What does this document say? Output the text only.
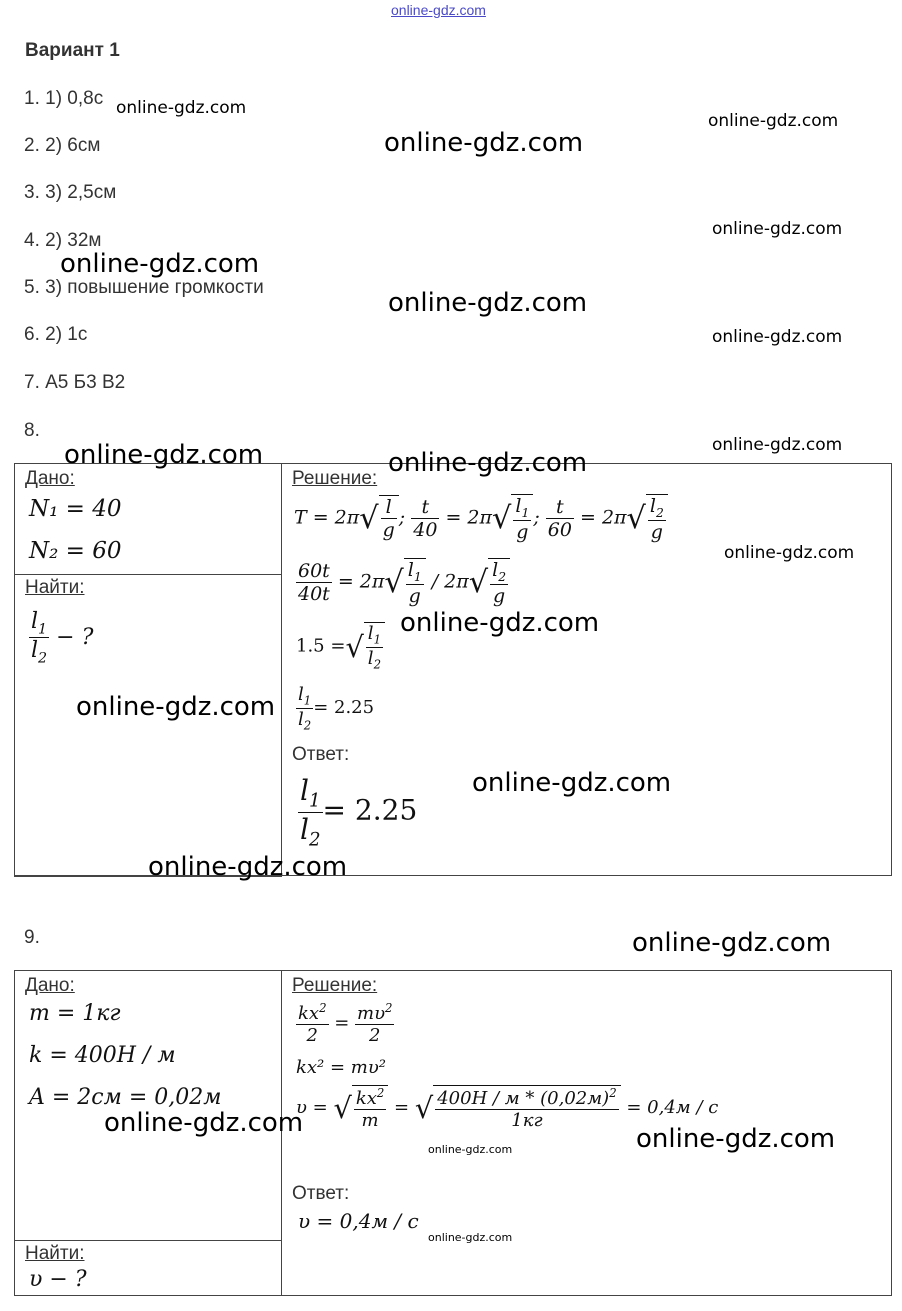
online-gdz.com
Вариант 1
1. 1) 0,8с
2. 2) 6см
3. 3) 2,5см
4. 2) 32м
5. 3) повышение громкости
6. 2) 1с
7. А5 Б3 В2
8.
Дано:
N₁ = 40
N₂ = 60
Найти:
$\frac{l_1}{l_2}$ − ?
Решение:
$T = 2\pi√ \frac{l}{g}$ ; $\frac{t}{40} = 2\pi√ \frac{l_1}{g}$ ; $\frac{t}{60} = 2\pi√ \frac{l_2}{g}$
$\frac{60t}{40t} = 2\pi√ \frac{l_1}{g} / 2\pi√ \frac{l_2}{g}$
1.5 =√ $\frac{l_1}{l_2}$
$\frac{l_1}{l_2} = 2.25$
Ответ:
$\frac{l_1}{l_2} = 2.25$
9.
Дано:
m = 1кг
k = 400Н / м
A = 2см = 0,02м
Найти:
υ − ?
Решение:
$\frac{kx^2}{2} = \frac{m\upsilon^2}{2}$
kx² = mυ²
υ = √ $\frac{kx^2}{m}$ = √ $\frac{400H / м * (0,02м)^2}{1кг} = 0,4м / с$
Ответ:
υ = 0,4м / с
online-gdz.com
online-gdz.com
online-gdz.com
online-gdz.com
online-gdz.com
online-gdz.com
online-gdz.com
online-gdz.com
online-gdz.com	online-gdz.com
online-gdz.com
online-gdz.com
online-gdz.com
online-gdz.com
online-gdz.com
online-gdz.com
online-gdz.com
online-gdz.com
online-gdz.com
online-gdz.com
